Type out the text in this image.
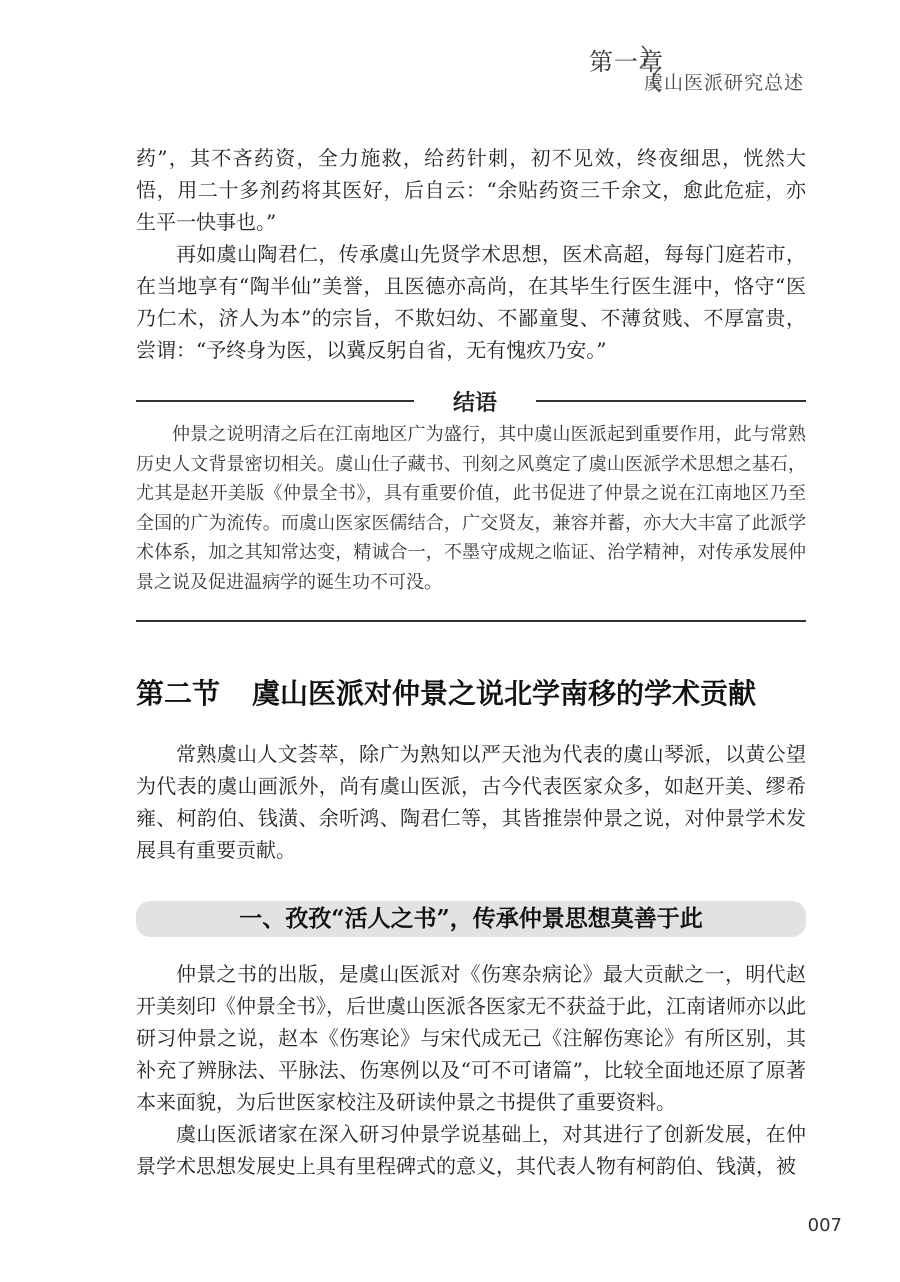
第一章
虞山医派研究总述

药”，其不吝药资，全力施救，给药针刺，初不见效，终夜细思，恍然大悟，用二十多剂药将其医好，后自云：“余贴药资三千余文，愈此危症，亦生平一快事也。”

再如虞山陶君仁，传承虞山先贤学术思想，医术高超，每每门庭若市，在当地享有“陶半仙”美誉，且医德亦高尚，在其毕生行医生涯中，恪守“医乃仁术，济人为本”的宗旨，不欺妇幼、不鄙童叟、不薄贫贱、不厚富贵，尝谓：“予终身为医，以冀反躬自省，无有愧疚乃安。”

结语

仲景之说明清之后在江南地区广为盛行，其中虞山医派起到重要作用，此与常熟历史人文背景密切相关。虞山仕子藏书、刊刻之风奠定了虞山医派学术思想之基石，尤其是赵开美版《仲景全书》，具有重要价值，此书促进了仲景之说在江南地区乃至全国的广为流传。而虞山医家医儒结合，广交贤友，兼容并蓄，亦大大丰富了此派学术体系，加之其知常达变，精诚合一，不墨守成规之临证、治学精神，对传承发展仲景之说及促进温病学的诞生功不可没。

第二节 虞山医派对仲景之说北学南移的学术贡献

常熟虞山人文荟萃，除广为熟知以严天池为代表的虞山琴派，以黄公望为代表的虞山画派外，尚有虞山医派，古今代表医家众多，如赵开美、缪希雍、柯韵伯、钱潢、余听鸿、陶君仁等，其皆推崇仲景之说，对仲景学术发展具有重要贡献。

一、孜孜“活人之书”，传承仲景思想莫善于此

仲景之书的出版，是虞山医派对《伤寒杂病论》最大贡献之一，明代赵开美刻印《仲景全书》，后世虞山医派各医家无不获益于此，江南诸师亦以此研习仲景之说，赵本《伤寒论》与宋代成无己《注解伤寒论》有所区别，其补充了辨脉法、平脉法、伤寒例以及“可不可诸篇”，比较全面地还原了原著本来面貌，为后世医家校注及研读仲景之书提供了重要资料。

虞山医派诸家在深入研习仲景学说基础上，对其进行了创新发展，在仲景学术思想发展史上具有里程碑式的意义，其代表人物有柯韵伯、钱潢，被

007
